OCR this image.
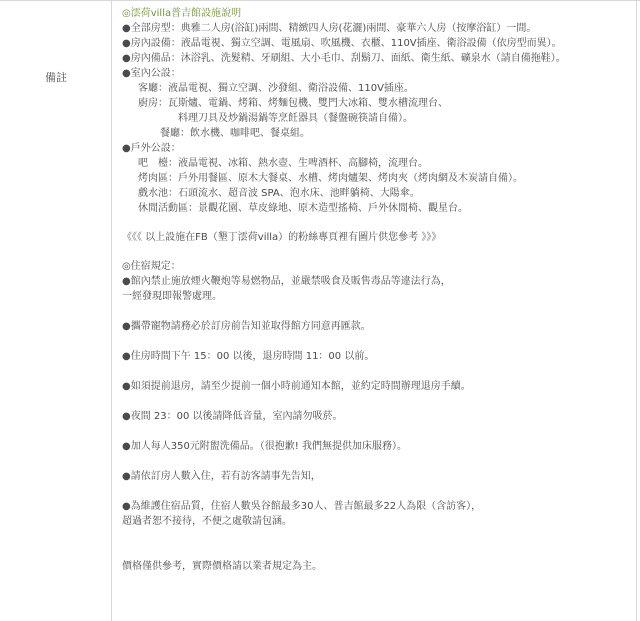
備註
◎澐荷villa普吉館設施說明
●全部房型：典雅二人房(浴缸)兩間、精緻四人房(花灑)兩間、豪華六人房（按摩浴缸）一間。
●房內設備：液晶電視、獨立空調、電風扇、吹風機、衣櫃、110V插座、衛浴設備（依房型而異）。
●房內備品：沐浴乳、洗髮精、牙刷組、大小毛巾、刮鬍刀、面紙、衛生紙、礦泉水（請自備拖鞋）。
●室內公設：
客廳：液晶電視、獨立空調、沙發組、衛浴設備、110V插座。
廚房：瓦斯爐、電鍋、烤箱、烤麵包機、雙門大冰箱、雙水槽流理台、
料理刀具及炒鍋湯鍋等烹飪器具（餐盤碗筷請自備）。
餐廳：飲水機、咖啡吧、餐桌組。
●戶外公設：
吧　檯：液晶電視、冰箱、熱水壺、生啤酒杯、高腳椅，流理台。
烤肉區：戶外用餐區、原木大餐桌、水槽、烤肉爐架、烤肉夾（烤肉網及木炭請自備）。
戲水池：石頭流水、超音波 SPA、泡水床、池畔躺椅、大陽傘。
休閒活動區：景觀花園、草皮綠地、原木造型搖椅、戶外休閒椅、觀星台。
《《《 以上設施在FB（墾丁澐荷villa）的粉絲專頁裡有圖片供您參考 》》》
◎住宿規定：
●館內禁止施放煙火鞭炮等易燃物品，並嚴禁吸食及販售毒品等違法行為，
一經發現即報警處理。
●攜帶寵物請務必於訂房前告知並取得館方同意再匯款。
●住房時間下午 15：00 以後，退房時間 11：00 以前。
●如須提前退房，請至少提前一個小時前通知本館，並約定時間辦理退房手續。
●夜間 23：00 以後請降低音量，室內請勿吸菸。
●加人每人350元附盥洗備品。（很抱歉! 我們無提供加床服務）。
●請依訂房人數入住，若有訪客請事先告知，
●為維護住宿品質，住宿人數吳谷館最多30人、普吉館最多22人為限（含訪客），
超過者恕不接待，不便之處敬請包涵。
價格僅供參考，實際價格請以業者規定為主。
